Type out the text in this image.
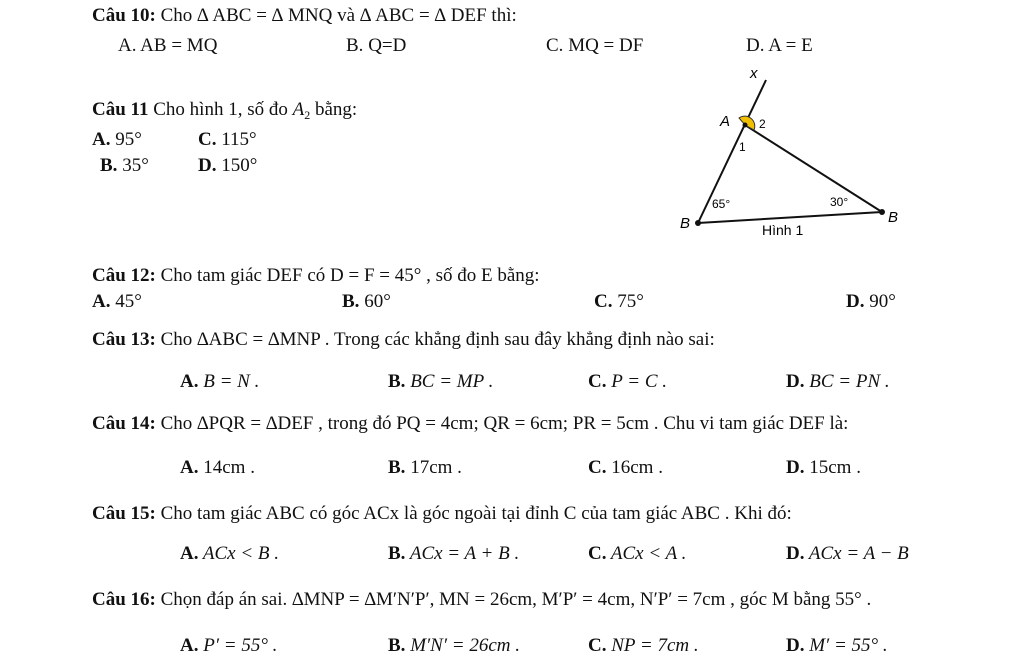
Câu 10: Cho ∆ ABC = ∆ MNQ và ∆ ABC = ∆ DEF thì:
A. AB = MQ	B. Q=D	C. MQ = DF	D. A = E
Câu 11 Cho hình 1, số đo $A_2$ bằng:
A. 95°	C. 115°
B. 35°	D. 150°
x
A 2
1
65°	30°
B	B
Hình 1
Câu 12: Cho tam giác DEF có D = F = 45° , số đo E bằng:
A. 45°	B. 60°	C. 75°	D. 90°
Câu 13: Cho ∆ABC = ∆MNP . Trong các khẳng định sau đây khẳng định nào sai:
A. B = N .	B. BC = MP .	C. P = C .	D. BC = PN .
Câu 14: Cho ∆PQR = ∆DEF , trong đó PQ = 4cm; QR = 6cm; PR = 5cm . Chu vi tam giác DEF là:
A. 14cm .	B. 17cm .	C. 16cm .	D. 15cm .
Câu 15: Cho tam giác ABC có góc ACx là góc ngoài tại đỉnh C của tam giác ABC . Khi đó:
A. ACx < B .	B. ACx = A + B .	C. ACx < A .	D. ACx = A − B
Câu 16: Chọn đáp án sai. ∆MNP = ∆M′N′P′, MN = 26cm, M′P′ = 4cm, N′P′ = 7cm , góc M bằng 55° .
A. P′ = 55° .	B. M′N′ = 26cm .	C. NP = 7cm .	D. M′ = 55° .
